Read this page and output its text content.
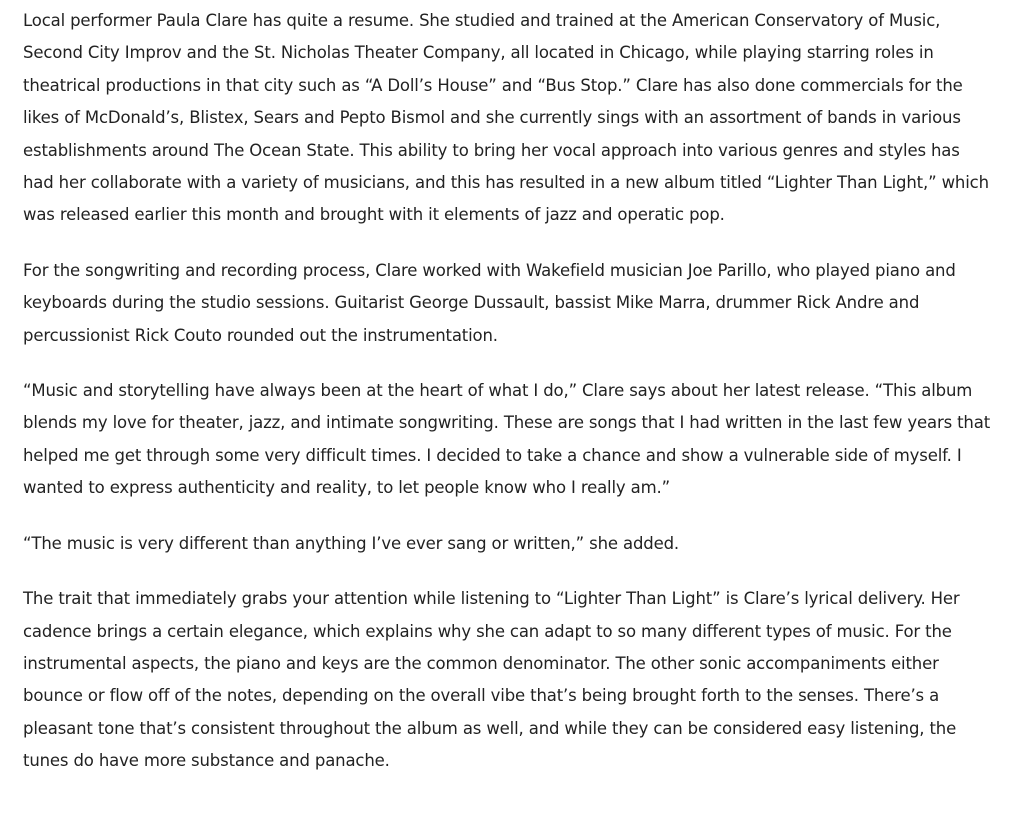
Local performer Paula Clare has quite a resume. She studied and trained at the American Conservatory of Music, Second City Improv and the St. Nicholas Theater Company, all located in Chicago, while playing starring roles in theatrical productions in that city such as “A Doll’s House” and “Bus Stop.” Clare has also done commercials for the likes of McDonald’s, Blistex, Sears and Pepto Bismol and she currently sings with an assortment of bands in various establishments around The Ocean State. This ability to bring her vocal approach into various genres and styles has had her collaborate with a variety of musicians, and this has resulted in a new album titled “Lighter Than Light,” which was released earlier this month and brought with it elements of jazz and operatic pop.

For the songwriting and recording process, Clare worked with Wakefield musician Joe Parillo, who played piano and keyboards during the studio sessions. Guitarist George Dussault, bassist Mike Marra, drummer Rick Andre and percussionist Rick Couto rounded out the instrumentation.

“Music and storytelling have always been at the heart of what I do,” Clare says about her latest release. “This album blends my love for theater, jazz, and intimate songwriting. These are songs that I had written in the last few years that helped me get through some very difficult times. I decided to take a chance and show a vulnerable side of myself. I wanted to express authenticity and reality, to let people know who I really am.”

“The music is very different than anything I’ve ever sang or written,” she added.

The trait that immediately grabs your attention while listening to “Lighter Than Light” is Clare’s lyrical delivery. Her cadence brings a certain elegance, which explains why she can adapt to so many different types of music. For the instrumental aspects, the piano and keys are the common denominator. The other sonic accompaniments either bounce or flow off of the notes, depending on the overall vibe that’s being brought forth to the senses. There’s a pleasant tone that’s consistent throughout the album as well, and while they can be considered easy listening, the tunes do have more substance and panache.
